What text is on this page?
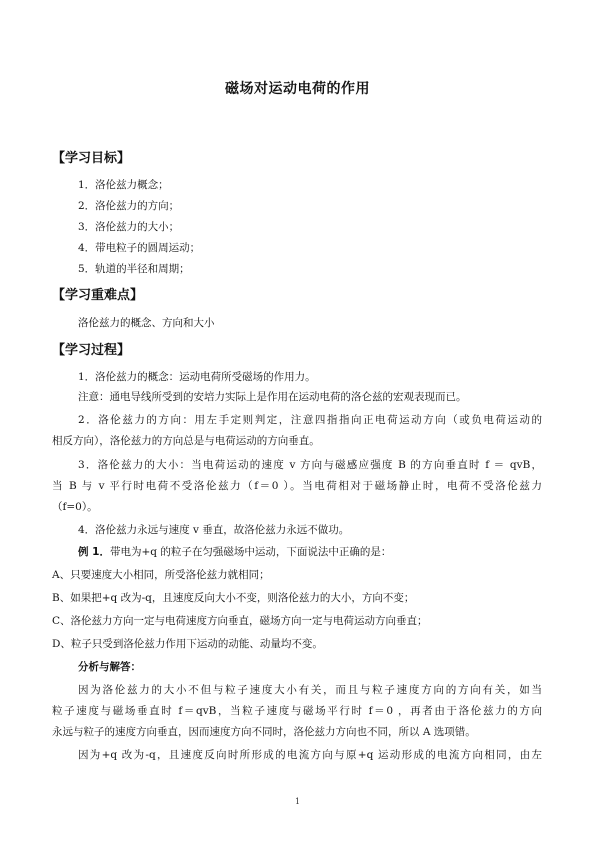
磁场对运动电荷的作用
【学习目标】
1．洛伦兹力概念；
2．洛伦兹力的方向；
3．洛伦兹力的大小；
4．带电粒子的圆周运动；
5．轨道的半径和周期；
【学习重难点】
洛伦兹力的概念、方向和大小
【学习过程】
1．洛伦兹力的概念：运动电荷所受磁场的作用力。
注意：通电导线所受到的安培力实际上是作用在运动电荷的洛仑兹的宏观表现而已。
2．洛伦兹力的方向：用左手定则判定，注意四指指向正电荷运动方向（或负电荷运动的
相反方向），洛伦兹力的方向总是与电荷运动的方向垂直。
3．洛伦兹力的大小：当电荷运动的速度 v 方向与磁感应强度 B 的方向垂直时 f ＝ qvB，
当 B 与 v 平行时电荷不受洛伦兹力（f＝0 ）。当电荷相对于磁场静止时，电荷不受洛伦兹力
（f=0）。
4．洛伦兹力永远与速度 v 垂直，故洛伦兹力永远不做功。
例 1．带电为+q 的粒子在匀强磁场中运动，下面说法中正确的是：
A、只要速度大小相同，所受洛伦兹力就相同；
B、如果把+q 改为-q，且速度反向大小不变，则洛伦兹力的大小，方向不变；
C、洛伦兹力方向一定与电荷速度方向垂直，磁场方向一定与电荷运动方向垂直；
D、粒子只受到洛伦兹力作用下运动的动能、动量均不变。
分析与解答：
因为洛伦兹力的大小不但与粒子速度大小有关，而且与粒子速度方向的方向有关，如当
粒子速度与磁场垂直时 f＝qvB，当粒子速度与磁场平行时 f＝0 ，再者由于洛伦兹力的方向
永远与粒子的速度方向垂直，因而速度方向不同时，洛伦兹力方向也不同，所以 A 选项错。
因为+q 改为-q，且速度反向时所形成的电流方向与原+q 运动形成的电流方向相同，由左
1
